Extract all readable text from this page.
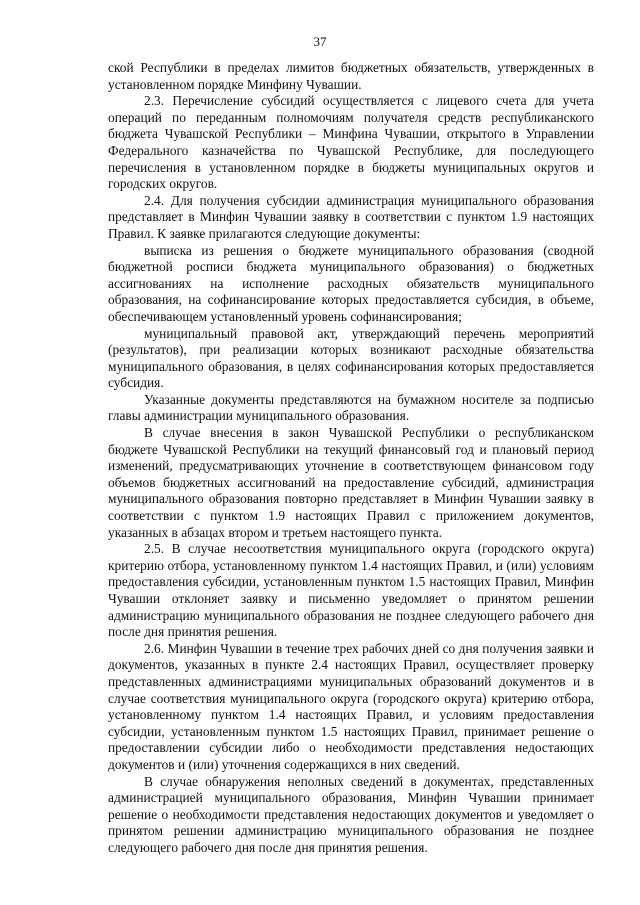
37

ской Республики в пределах лимитов бюджетных обязательств, утвержденных в установленном порядке Минфину Чувашии.

2.3. Перечисление субсидий осуществляется с лицевого счета для учета операций по переданным полномочиям получателя средств республиканского бюджета Чувашской Республики – Минфина Чувашии, открытого в Управлении Федерального казначейства по Чувашской Республике, для последующего перечисления в установленном порядке в бюджеты муниципальных округов и городских округов.

2.4. Для получения субсидии администрация муниципального образования представляет в Минфин Чувашии заявку в соответствии с пунктом 1.9 настоящих Правил. К заявке прилагаются следующие документы:

выписка из решения о бюджете муниципального образования (сводной бюджетной росписи бюджета муниципального образования) о бюджетных ассигнованиях на исполнение расходных обязательств муниципального образования, на софинансирование которых предоставляется субсидия, в объеме, обеспечивающем установленный уровень софинансирования;

муниципальный правовой акт, утверждающий перечень мероприятий (результатов), при реализации которых возникают расходные обязательства муниципального образования, в целях софинансирования которых предоставляется субсидия.

Указанные документы представляются на бумажном носителе за подписью главы администрации муниципального образования.

В случае внесения в закон Чувашской Республики о республиканском бюджете Чувашской Республики на текущий финансовый год и плановый период изменений, предусматривающих уточнение в соответствующем финансовом году объемов бюджетных ассигнований на предоставление субсидий, администрация муниципального образования повторно представляет в Минфин Чувашии заявку в соответствии с пунктом 1.9 настоящих Правил с приложением документов, указанных в абзацах втором и третьем настоящего пункта.

2.5. В случае несоответствия муниципального округа (городского округа) критерию отбора, установленному пунктом 1.4 настоящих Правил, и (или) условиям предоставления субсидии, установленным пунктом 1.5 настоящих Правил, Минфин Чувашии отклоняет заявку и письменно уведомляет о принятом решении администрацию муниципального образования не позднее следующего рабочего дня после дня принятия решения.

2.6. Минфин Чувашии в течение трех рабочих дней со дня получения заявки и документов, указанных в пункте 2.4 настоящих Правил, осуществляет проверку представленных администрациями муниципальных образований документов и в случае соответствия муниципального округа (городского округа) критерию отбора, установленному пунктом 1.4 настоящих Правил, и условиям предоставления субсидии, установленным пунктом 1.5 настоящих Правил, принимает решение о предоставлении субсидии либо о необходимости представления недостающих документов и (или) уточнения содержащихся в них сведений.

В случае обнаружения неполных сведений в документах, представленных администрацией муниципального образования, Минфин Чувашии принимает решение о необходимости представления недостающих документов и уведомляет о принятом решении администрацию муниципального образования не позднее следующего рабочего дня после дня принятия решения.
